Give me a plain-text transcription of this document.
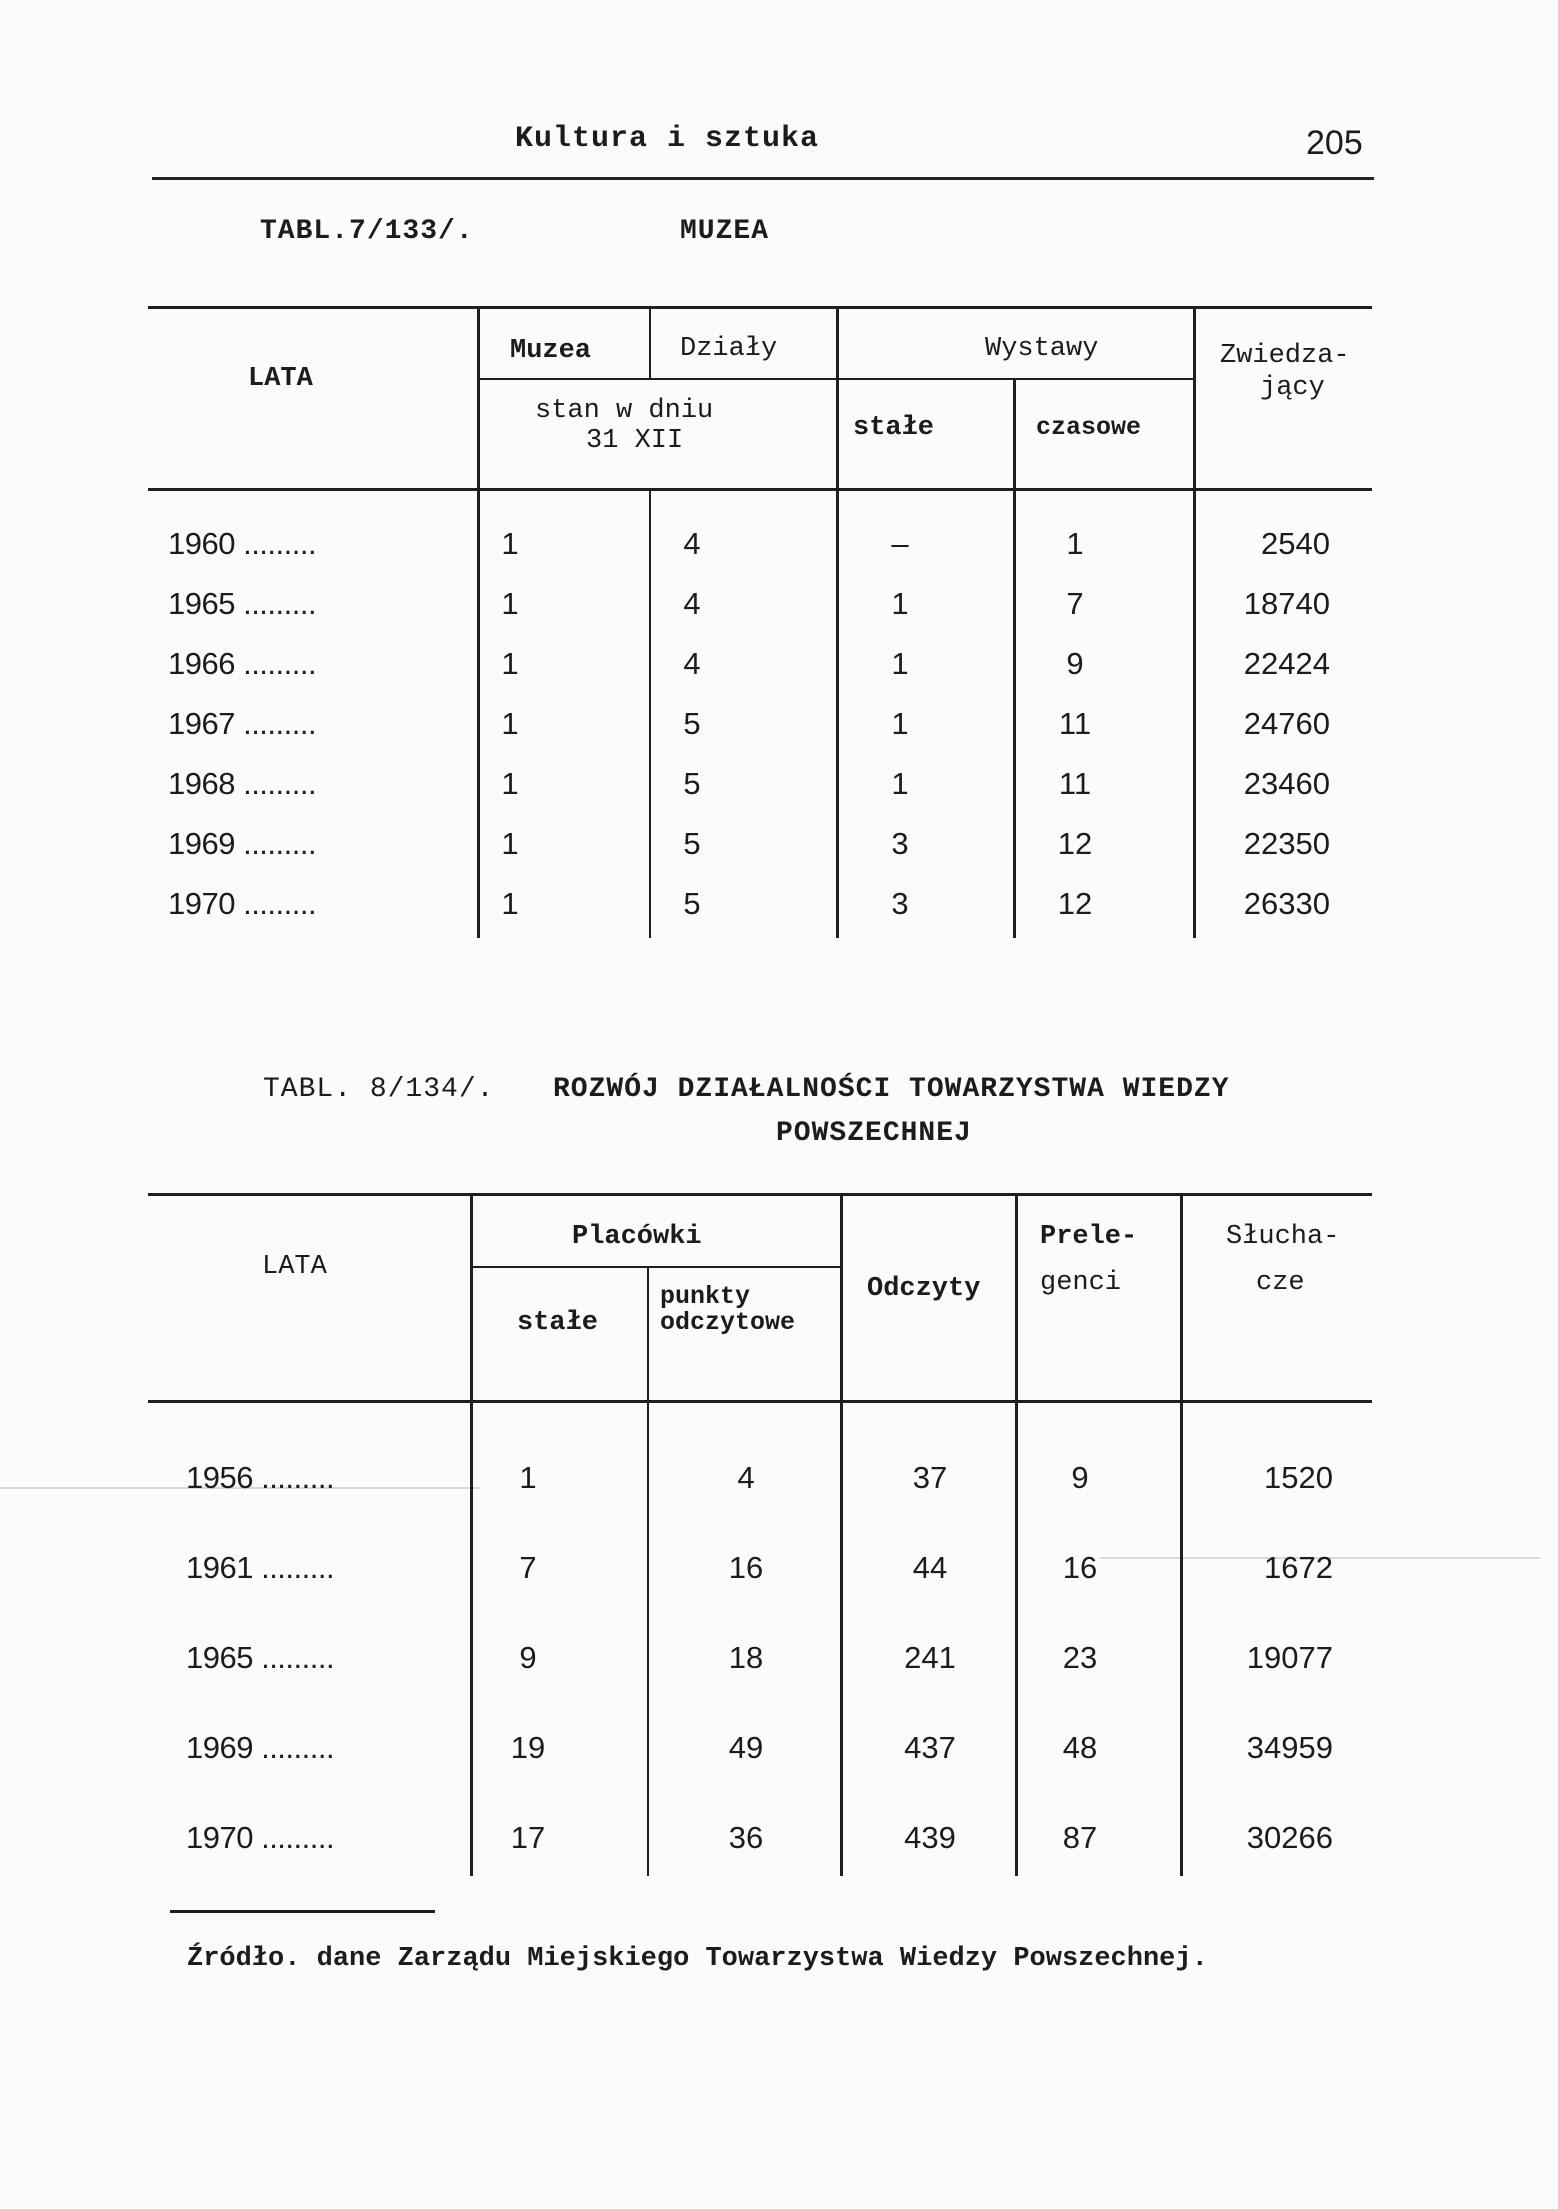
Kultura i sztuka	205
TABL.7/133/.	MUZEA
LATA
Muzea	Działy
stan w dniu
31 XII
Wystawy
stałe	czasowe
Zwiedza-
jący
1960 .........	1	4	–	1	2540
1965 .........	1	4	1	7	18740
1966 .........	1	4	1	9	22424
1967 .........	1	5	1	11	24760
1968 .........	1	5	1	11	23460
1969 .........	1	5	3	12	22350
1970 .........	1	5	3	12	26330
TABL. 8/134/. ROZWÓJ DZIAŁALNOŚCI TOWARZYSTWA WIEDZY
POWSZECHNEJ
LATA
Placówki
stałe
punkty
odczytowe
Odczyty
Prele-
genci
Słucha-
cze
1956 .........	1	4	37	9	1520
1961 .........	7	16	44	16	1672
1965 .........	9	18	241	23	19077
1969 .........	19	49	437	48	34959
1970 .........	17	36	439	87	30266
Źródło. dane Zarządu Miejskiego Towarzystwa Wiedzy Powszechnej.
